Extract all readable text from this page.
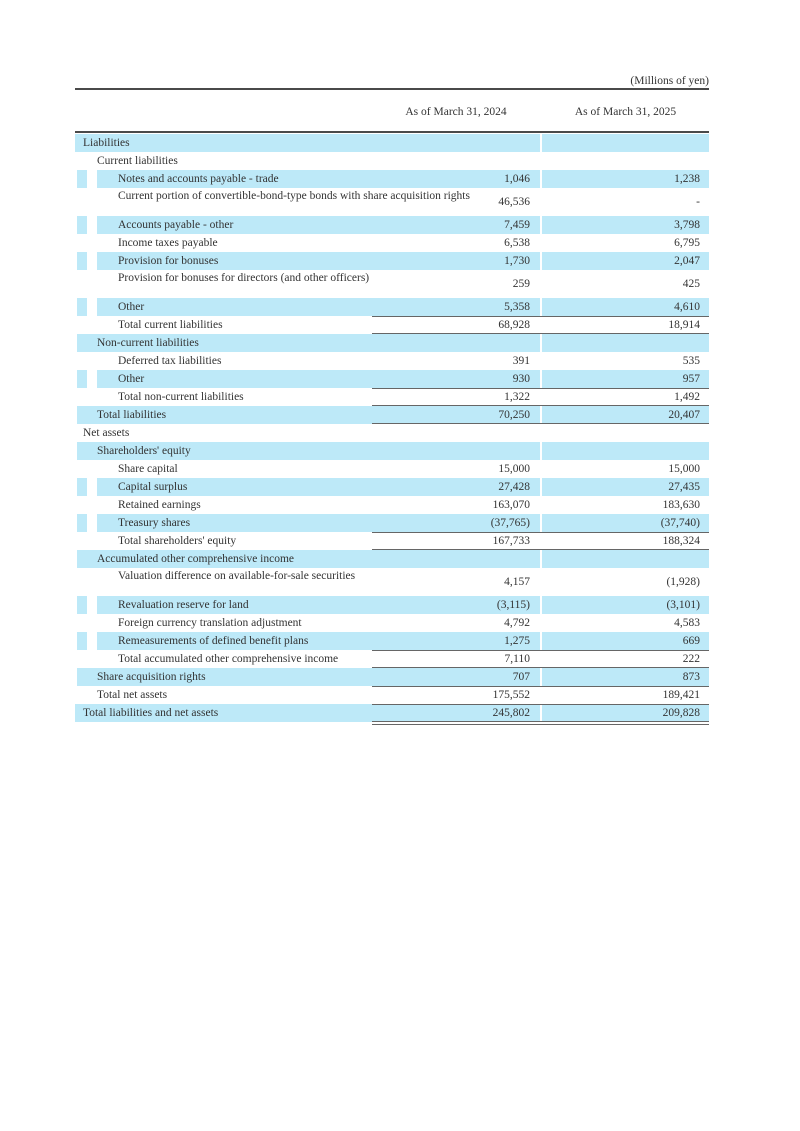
(Millions of yen)
As of March 31, 2024	As of March 31, 2025
Liabilities
Current liabilities
Notes and accounts payable - trade	1,046	1,238
Current portion of convertible-bond-type bonds with share acquisition rights	46,536	-
Accounts payable - other	7,459	3,798
Income taxes payable	6,538	6,795
Provision for bonuses	1,730	2,047
Provision for bonuses for directors (and other officers)	259	425
Other	5,358	4,610
Total current liabilities	68,928	18,914
Non-current liabilities
Deferred tax liabilities	391	535
Other	930	957
Total non-current liabilities	1,322	1,492
Total liabilities	70,250	20,407
Net assets
Shareholders' equity
Share capital	15,000	15,000
Capital surplus	27,428	27,435
Retained earnings	163,070	183,630
Treasury shares	(37,765)	(37,740)
Total shareholders' equity	167,733	188,324
Accumulated other comprehensive income
Valuation difference on available-for-sale securities	4,157	(1,928)
Revaluation reserve for land	(3,115)	(3,101)
Foreign currency translation adjustment	4,792	4,583
Remeasurements of defined benefit plans	1,275	669
Total accumulated other comprehensive income	7,110	222
Share acquisition rights	707	873
Total net assets	175,552	189,421
Total liabilities and net assets	245,802	209,828
